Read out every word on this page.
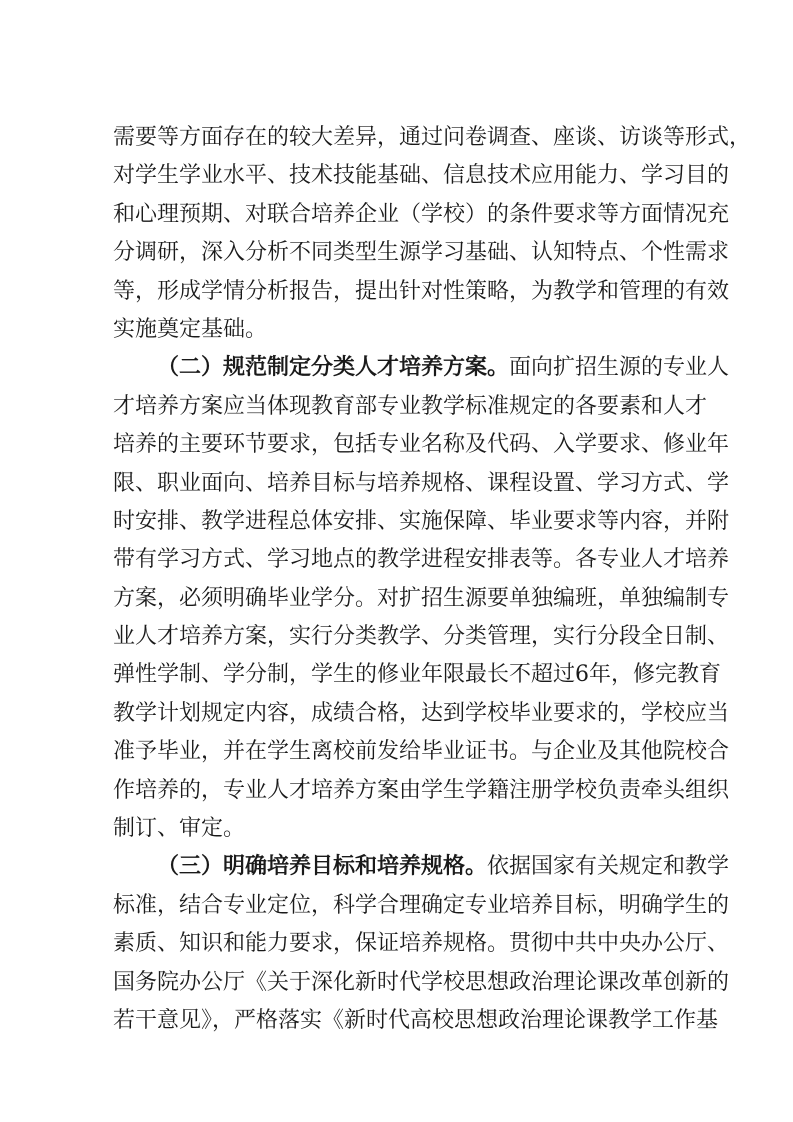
需要等方面存在的较大差异，通过问卷调查、座谈、访谈等形式，
对学生学业水平、技术技能基础、信息技术应用能力、学习目的
和心理预期、对联合培养企业（学校）的条件要求等方面情况充
分调研，深入分析不同类型生源学习基础、认知特点、个性需求
等，形成学情分析报告，提出针对性策略，为教学和管理的有效
实施奠定基础。
（二）规范制定分类人才培养方案。面向扩招生源的专业人
才培养方案应当体现教育部专业教学标准规定的各要素和人才
培养的主要环节要求，包括专业名称及代码、入学要求、修业年
限、职业面向、培养目标与培养规格、课程设置、学习方式、学
时安排、教学进程总体安排、实施保障、毕业要求等内容，并附
带有学习方式、学习地点的教学进程安排表等。各专业人才培养
方案，必须明确毕业学分。对扩招生源要单独编班，单独编制专
业人才培养方案，实行分类教学、分类管理，实行分段全日制、
弹性学制、学分制，学生的修业年限最长不超过6年，修完教育
教学计划规定内容，成绩合格，达到学校毕业要求的，学校应当
准予毕业，并在学生离校前发给毕业证书。与企业及其他院校合
作培养的，专业人才培养方案由学生学籍注册学校负责牵头组织
制订、审定。
（三）明确培养目标和培养规格。依据国家有关规定和教学
标准，结合专业定位，科学合理确定专业培养目标，明确学生的
素质、知识和能力要求，保证培养规格。贯彻中共中央办公厅、
国务院办公厅《关于深化新时代学校思想政治理论课改革创新的
若干意见》，严格落实《新时代高校思想政治理论课教学工作基
